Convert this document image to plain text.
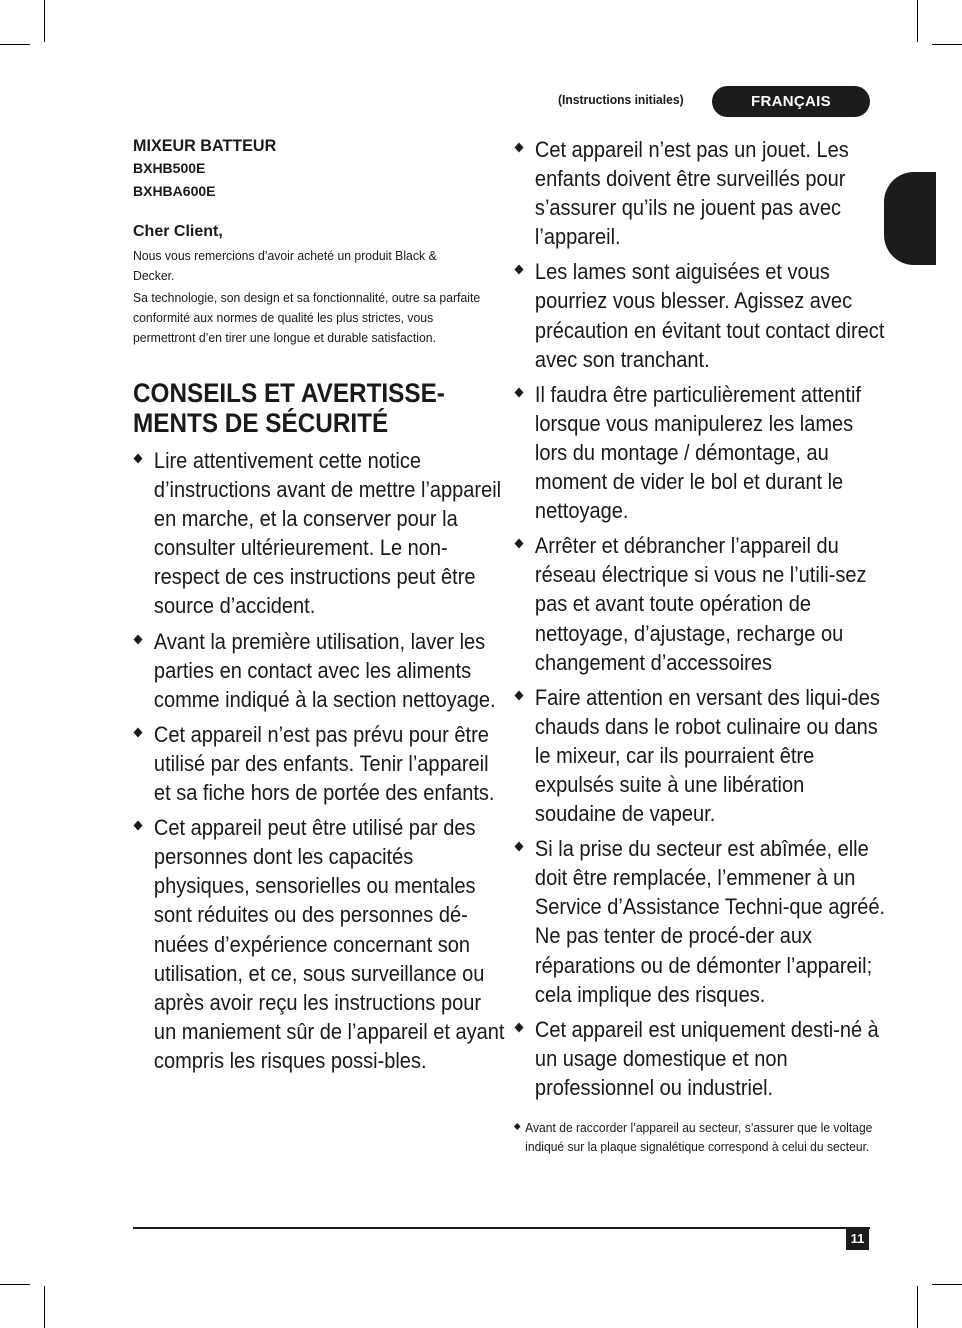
(Instructions initiales)	FRANÇAIS
MIXEUR BATTEUR
BXHB500E
BXHBA600E
Cher Client,

Nous vous remercions d’avoir acheté un produit Black & Decker.

Sa technologie, son design et sa fonctionnalité, outre sa parfaite conformité aux normes de qualité les plus strictes, vous permettront d’en tirer une longue et durable satisfaction.

CONSEILS ET AVERTISSE-
MENTS DE SÉCURITÉ
Lire attentivement cette notice d’instructions avant de mettre l’appareil en marche, et la conserver pour la consulter ultérieurement. Le non-respect de ces instructions peut être source d’accident.
Avant la première utilisation, laver les parties en contact avec les aliments comme indiqué à la section nettoyage.
Cet appareil n’est pas prévu pour être utilisé par des enfants. Tenir l’appareil et sa fiche hors de portée des enfants.
Cet appareil peut être utilisé par des personnes dont les capacités physiques, sensorielles ou mentales sont réduites ou des personnes dé-nuées d’expérience concernant son utilisation, et ce, sous surveillance ou après avoir reçu les instructions pour un maniement sûr de l’appareil et ayant compris les risques possi-bles.
Cet appareil n’est pas un jouet. Les enfants doivent être surveillés pour s’assurer qu’ils ne jouent pas avec l’appareil.
Les lames sont aiguisées et vous pourriez vous blesser. Agissez avec précaution en évitant tout contact direct avec son tranchant.
Il faudra être particulièrement attentif lorsque vous manipulerez les lames lors du montage / démontage, au moment de vider le bol et durant le nettoyage.
Arrêter et débrancher l’appareil du réseau électrique si vous ne l’utili-sez pas et avant toute opération de nettoyage, d’ajustage, recharge ou changement d’accessoires
Faire attention en versant des liqui-des chauds dans le robot culinaire ou dans le mixeur, car ils pourraient être expulsés suite à une libération soudaine de vapeur.
Si la prise du secteur est abîmée, elle doit être remplacée, l’emmener à un Service d’Assistance Techni-que agréé. Ne pas tenter de procé-der aux réparations ou de démonter l’appareil; cela implique des risques.
Cet appareil est uniquement desti-né à un usage domestique et non professionnel ou industriel.
Avant de raccorder l’appareil au secteur, s’assurer que le voltage indiqué sur la plaque signalétique correspond à celui du secteur.
11
